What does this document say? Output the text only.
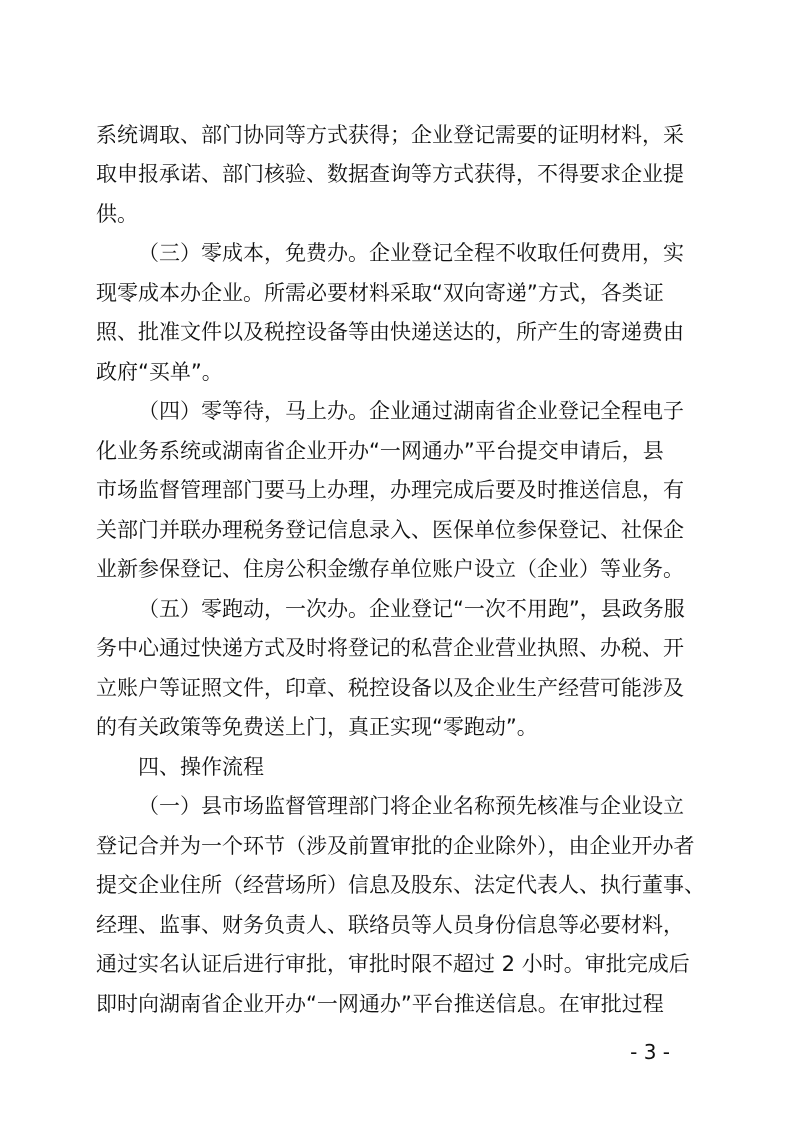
系统调取、部门协同等方式获得；企业登记需要的证明材料，采
取申报承诺、部门核验、数据查询等方式获得，不得要求企业提
供。
（三）零成本，免费办。企业登记全程不收取任何费用，实
现零成本办企业。所需必要材料采取“双向寄递”方式，各类证
照、批准文件以及税控设备等由快递送达的，所产生的寄递费由
政府“买单”。
（四）零等待，马上办。企业通过湖南省企业登记全程电子
化业务系统或湖南省企业开办“一网通办”平台提交申请后，县
市场监督管理部门要马上办理，办理完成后要及时推送信息，有
关部门并联办理税务登记信息录入、医保单位参保登记、社保企
业新参保登记、住房公积金缴存单位账户设立（企业）等业务。
（五）零跑动，一次办。企业登记“一次不用跑”，县政务服
务中心通过快递方式及时将登记的私营企业营业执照、办税、开
立账户等证照文件，印章、税控设备以及企业生产经营可能涉及
的有关政策等免费送上门，真正实现“零跑动”。
四、操作流程
（一）县市场监督管理部门将企业名称预先核准与企业设立
登记合并为一个环节（涉及前置审批的企业除外），由企业开办者
提交企业住所（经营场所）信息及股东、法定代表人、执行董事、
经理、监事、财务负责人、联络员等人员身份信息等必要材料，
通过实名认证后进行审批，审批时限不超过 2 小时。审批完成后
即时向湖南省企业开办“一网通办”平台推送信息。在审批过程
- 3 -
